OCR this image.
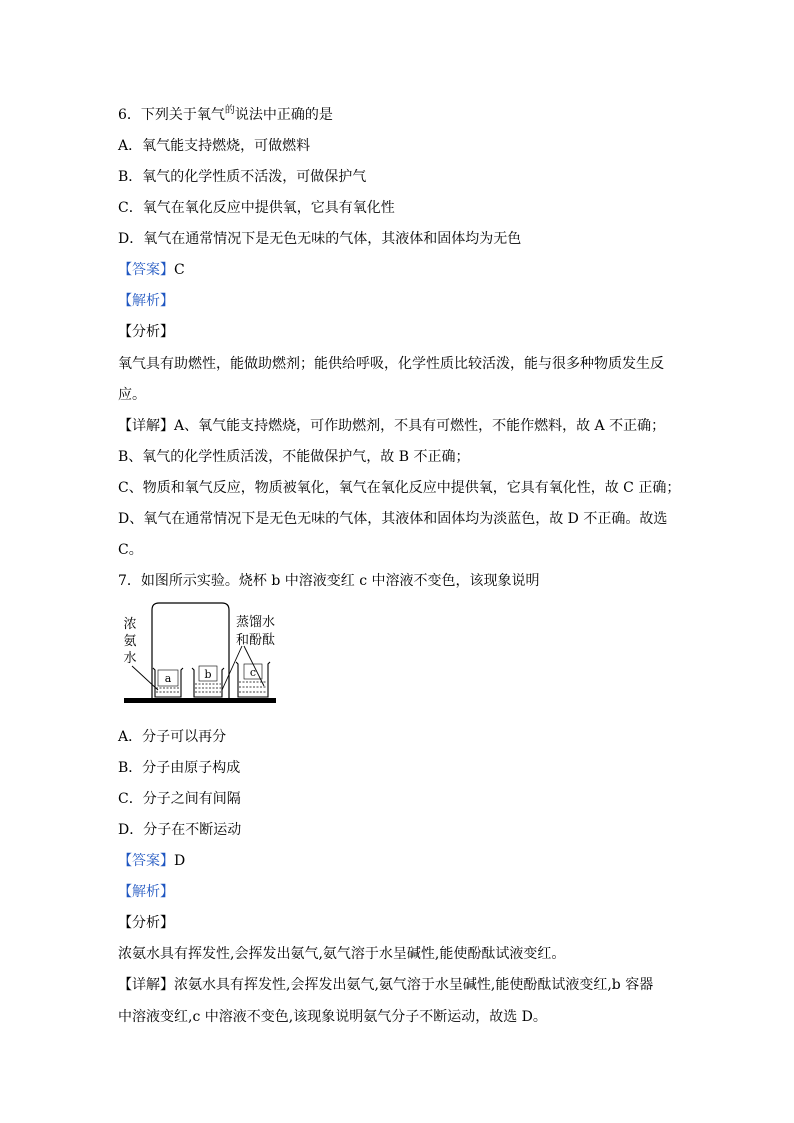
6．下列关于氧气$^的$说法中正确的是
A．氧气能支持燃烧，可做燃料
B．氧气的化学性质不活泼，可做保护气
C．氧气在氧化反应中提供氧，它具有氧化性
D．氧气在通常情况下是无色无味的气体，其液体和固体均为无色
【答案】C
【解析】
【分析】
氧气具有助燃性，能做助燃剂；能供给呼吸，化学性质比较活泼，能与很多种物质发生反
应。
【详解】A、氧气能支持燃烧，可作助燃剂，不具有可燃性，不能作燃料，故 A 不正确；
B、氧气的化学性质活泼，不能做保护气，故 B 不正确；
C、物质和氧气反应，物质被氧化，氧气在氧化反应中提供氧，它具有氧化性，故 C 正确；
D、氧气在通常情况下是无色无味的气体，其液体和固体均为淡蓝色，故 D 不正确。故选
C。
7．如图所示实验。烧杯 b 中溶液变红 c 中溶液不变色，该现象说明
a	b	c
浓
氨
水
蒸馏水
和酚酞
A．分子可以再分
B．分子由原子构成
C．分子之间有间隔
D．分子在不断运动
【答案】D
【解析】
【分析】
浓氨水具有挥发性,会挥发出氨气,氨气溶于水呈碱性,能使酚酞试液变红。
【详解】浓氨水具有挥发性,会挥发出氨气,氨气溶于水呈碱性,能使酚酞试液变红,b 容器
中溶液变红,c 中溶液不变色,该现象说明氨气分子不断运动，故选 D。
